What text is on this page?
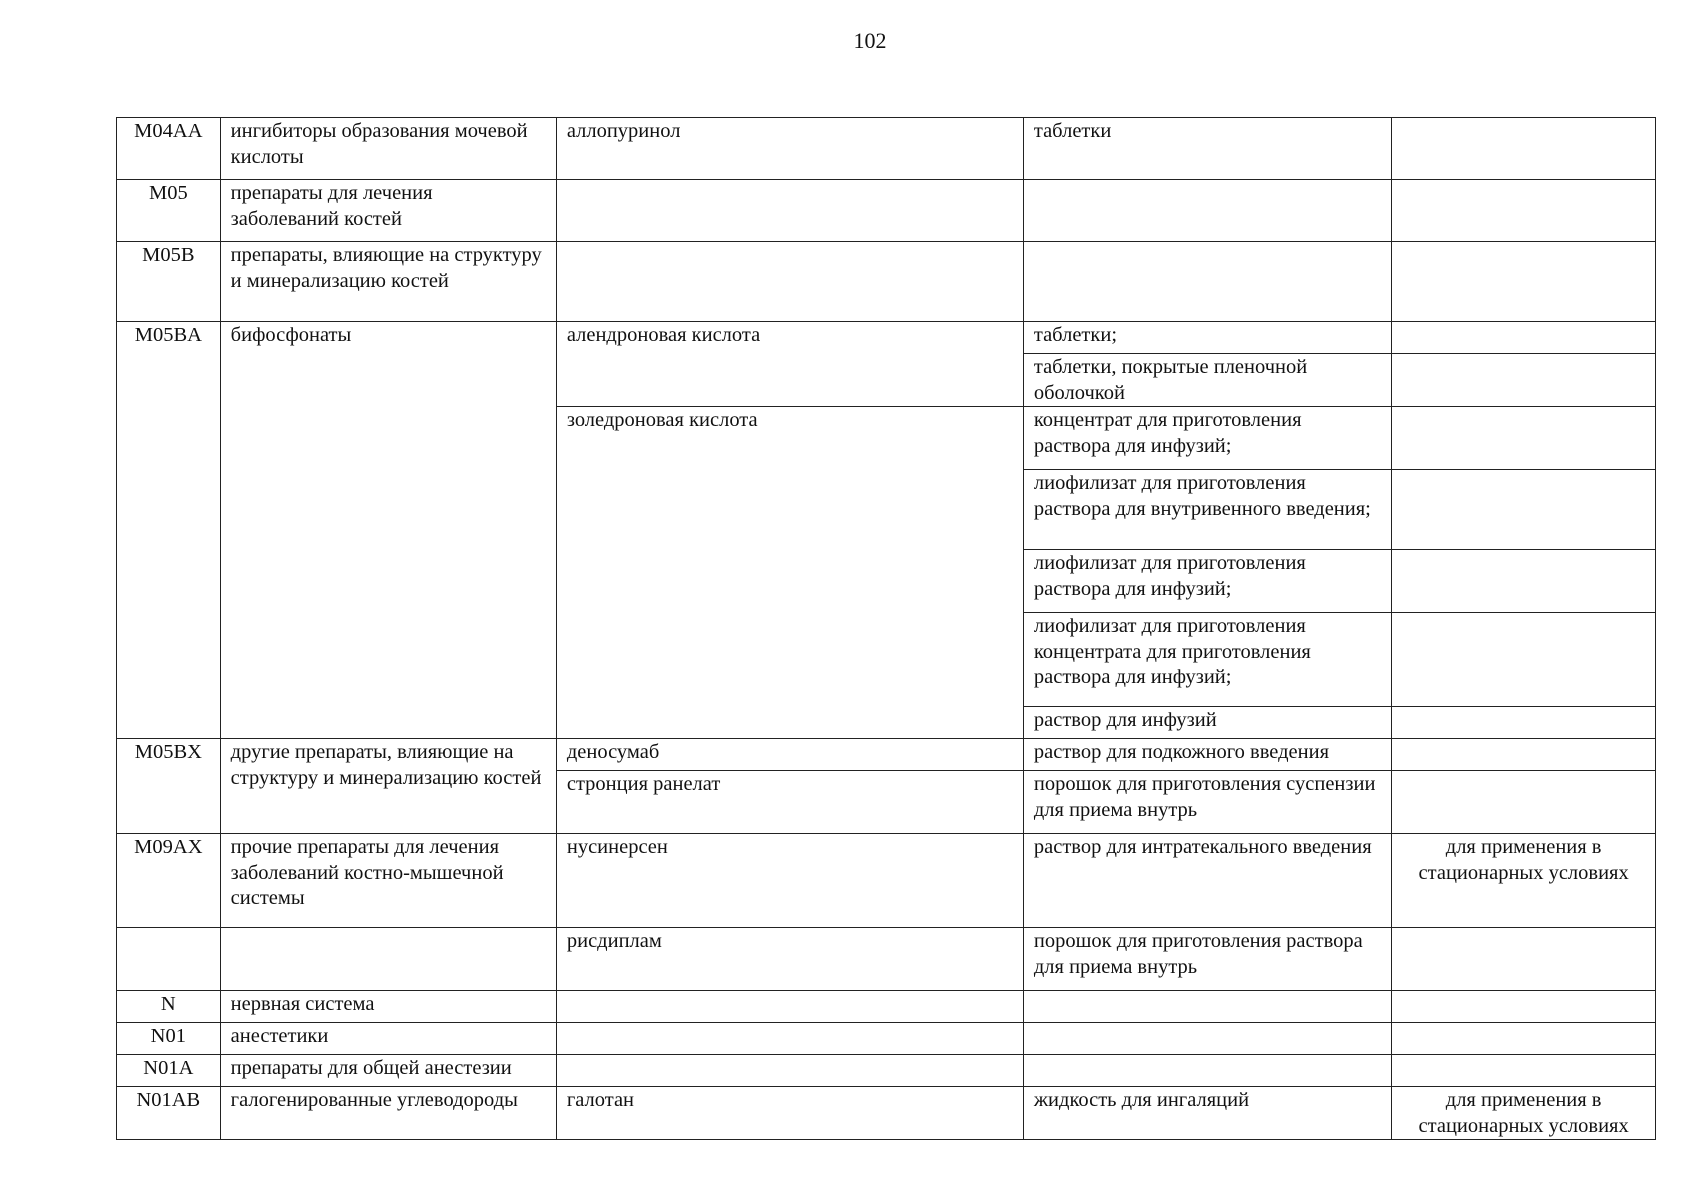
102
M04AA	ингибиторы образования мочевой кислоты	аллопуринол	таблетки	
M05	препараты для лечения заболеваний костей			
M05B	препараты, влияющие на структуру и минерализацию костей			
M05BA	бифосфонаты	алендроновая кислота	таблетки;	
			таблетки, покрытые пленочной оболочкой	
		золедроновая кислота	концентрат для приготовления раствора для инфузий;	
			лиофилизат для приготовления раствора для внутривенного введения;	
			лиофилизат для приготовления раствора для инфузий;	
			лиофилизат для приготовления концентрата для приготовления раствора для инфузий;	
			раствор для инфузий	
M05BX	другие препараты, влияющие на структуру и минерализацию костей	деносумаб	раствор для подкожного введения	
		стронция ранелат	порошок для приготовления суспензии для приема внутрь	
M09AX	прочие препараты для лечения заболеваний костно-мышечной системы	нусинерсен	раствор для интратекального введения	для применения в стационарных условиях
		рисдиплам	порошок для приготовления раствора для приема внутрь	
N	нервная система			
N01	анестетики			
N01A	препараты для общей анестезии			
N01AB	галогенированные углеводороды	галотан	жидкость для ингаляций	для применения в стационарных условиях
